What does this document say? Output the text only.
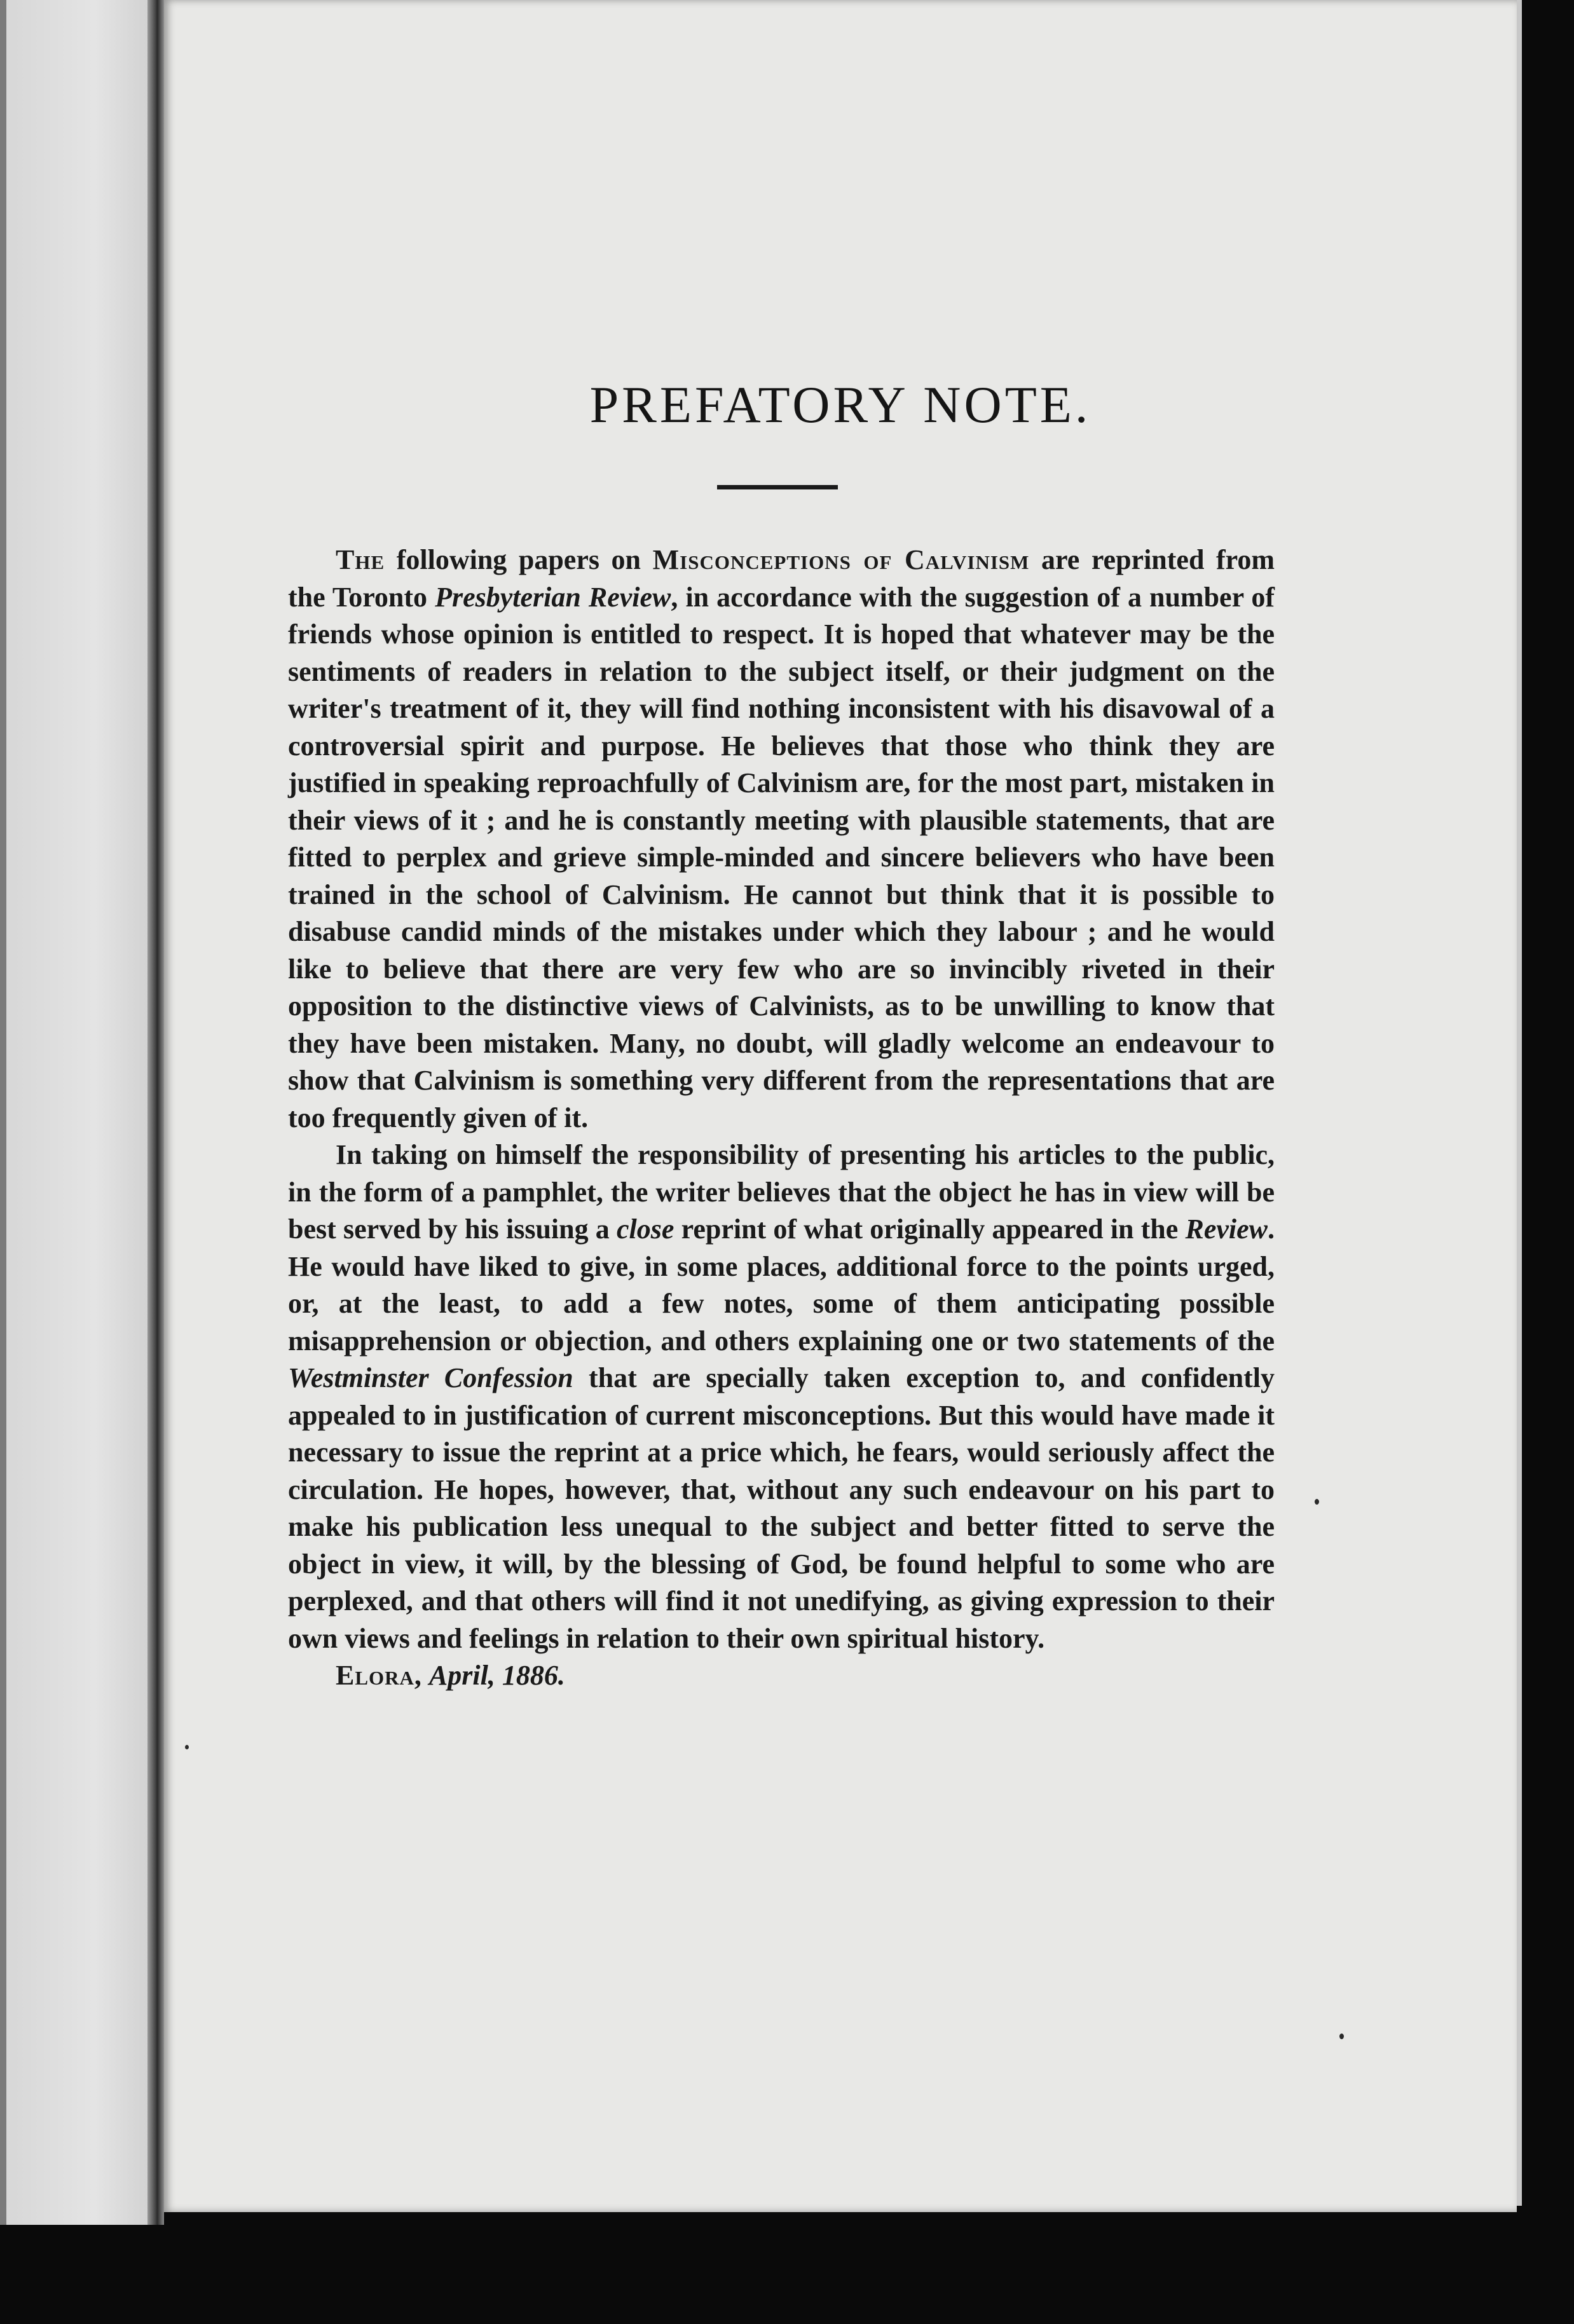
PREFATORY NOTE.

The following papers on Misconceptions of Calvinism are reprinted from the Toronto Presbyterian Review, in accordance with the suggestion of a number of friends whose opinion is entitled to respect. It is hoped that whatever may be the sentiments of readers in relation to the subject itself, or their judgment on the writer's treatment of it, they will find nothing inconsistent with his disavowal of a controversial spirit and purpose. He believes that those who think they are justified in speaking reproachfully of Calvinism are, for the most part, mistaken in their views of it ; and he is constantly meeting with plausible statements, that are fitted to perplex and grieve simple-minded and sincere believers who have been trained in the school of Calvinism. He cannot but think that it is possible to disabuse candid minds of the mistakes under which they labour ; and he would like to believe that there are very few who are so invincibly riveted in their opposition to the distinctive views of Calvinists, as to be unwilling to know that they have been mistaken. Many, no doubt, will gladly welcome an endeavour to show that Calvinism is something very different from the representations that are too frequently given of it.

In taking on himself the responsibility of presenting his articles to the public, in the form of a pamphlet, the writer believes that the object he has in view will be best served by his issuing a close reprint of what originally appeared in the Review. He would have liked to give, in some places, additional force to the points urged, or, at the least, to add a few notes, some of them anticipating possible misapprehension or objection, and others explaining one or two statements of the Westminster Confession that are specially taken exception to, and confidently appealed to in justification of current misconceptions. But this would have made it necessary to issue the reprint at a price which, he fears, would seriously affect the circulation. He hopes, however, that, without any such endeavour on his part to make his publication less unequal to the subject and better fitted to serve the object in view, it will, by the blessing of God, be found helpful to some who are perplexed, and that others will find it not unedifying, as giving expression to their own views and feelings in relation to their own spiritual history.

Elora, April, 1886.
